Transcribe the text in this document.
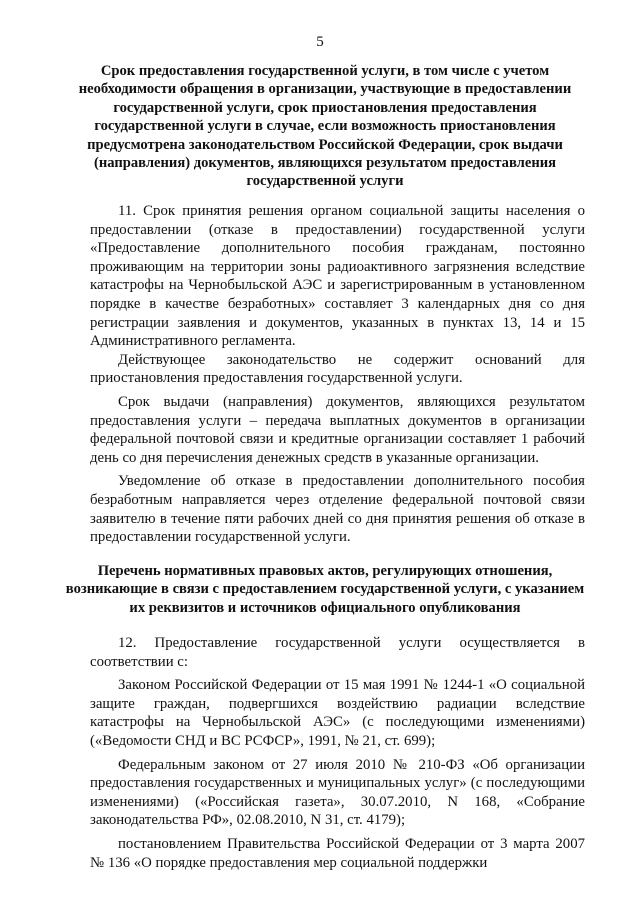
5
Срок предоставления государственной услуги, в том числе с учетом необходимости обращения в организации, участвующие в предоставлении государственной услуги, срок приостановления предоставления государственной услуги в случае, если возможность приостановления предусмотрена законодательством Российской Федерации, срок выдачи (направления) документов, являющихся результатом предоставления государственной услуги

11. Срок принятия решения органом социальной защиты населения о предоставлении (отказе в предоставлении) государственной услуги «Предоставление дополнительного пособия гражданам, постоянно проживающим на территории зоны радиоактивного загрязнения вследствие катастрофы на Чернобыльской АЭС и зарегистрированным в установленном порядке в качестве безработных» составляет 3 календарных дня со дня регистрации заявления и документов, указанных в пунктах 13, 14 и 15 Административного регламента.

Действующее законодательство не содержит оснований для приостановления предоставления государственной услуги.

Срок выдачи (направления) документов, являющихся результатом предоставления услуги – передача выплатных документов в организации федеральной почтовой связи и кредитные организации составляет 1 рабочий день со дня перечисления денежных средств в указанные организации.

Уведомление об отказе в предоставлении дополнительного пособия безработным направляется через отделение федеральной почтовой связи заявителю в течение пяти рабочих дней со дня принятия решения об отказе в предоставлении государственной услуги.

Перечень нормативных правовых актов, регулирующих отношения, возникающие в связи с предоставлением государственной услуги, с указанием их реквизитов и источников официального опубликования

12. Предоставление государственной услуги осуществляется в соответствии с:

Законом Российской Федерации от 15 мая 1991 № 1244-1 «О социальной защите граждан, подвергшихся воздействию радиации вследствие катастрофы на Чернобыльской АЭС» (с последующими изменениями) («Ведомости СНД и ВС РСФСР», 1991, № 21, ст. 699);

Федеральным законом от 27 июля 2010 № 210-ФЗ «Об организации предоставления государственных и муниципальных услуг» (с последующими изменениями) («Российская газета», 30.07.2010, N 168, «Собрание законодательства РФ», 02.08.2010, N 31, ст. 4179);

постановлением Правительства Российской Федерации от 3 марта 2007 № 136 «О порядке предоставления мер социальной поддержки
